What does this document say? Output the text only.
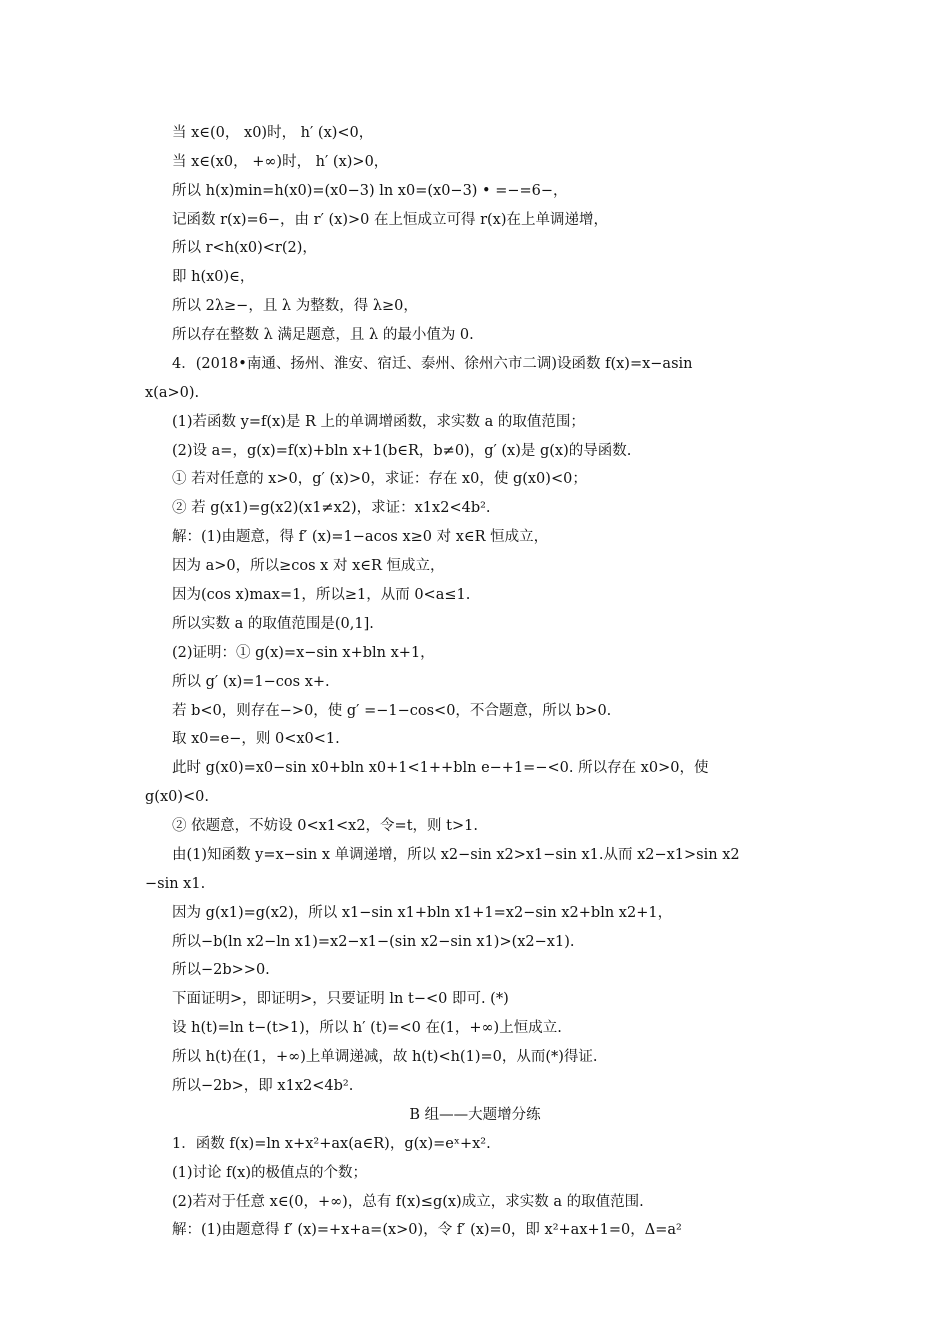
当 x∈(0， x0)时， h′ (x)<0，
当 x∈(x0， +∞)时， h′ (x)>0，
所以 h(x)min=h(x0)=(x0−3) ln x0=(x0−3) • =−=6−，
记函数 r(x)=6−，由 r′ (x)>0 在上恒成立可得 r(x)在上单调递增，
所以 r<h(x0)<r(2)，
即 h(x0)∈，
所以 2λ≥−，且 λ 为整数，得 λ≥0，
所以存在整数 λ 满足题意，且 λ 的最小值为 0.
4．(2018•南通、扬州、淮安、宿迁、泰州、徐州六市二调)设函数 f(x)=x−asin
x(a>0).
(1)若函数 y=f(x)是 R 上的单调增函数，求实数 a 的取值范围；
(2)设 a=，g(x)=f(x)+bln x+1(b∈R，b≠0)，g′ (x)是 g(x)的导函数.
① 若对任意的 x>0，g′ (x)>0，求证：存在 x0，使 g(x0)<0；
② 若 g(x1)=g(x2)(x1≠x2)，求证：x1x2<4b².
解：(1)由题意，得 f′ (x)=1−acos x≥0 对 x∈R 恒成立，
因为 a>0，所以≥cos x 对 x∈R 恒成立，
因为(cos x)max=1，所以≥1，从而 0<a≤1.
所以实数 a 的取值范围是(0,1].
(2)证明：① g(x)=x−sin x+bln x+1，
所以 g′ (x)=1−cos x+.
若 b<0，则存在−>0，使 g′ =−1−cos<0，不合题意，所以 b>0.
取 x0=e−，则 0<x0<1.
此时 g(x0)=x0−sin x0+bln x0+1<1++bln e−+1=−<0. 所以存在 x0>0，使
g(x0)<0.
② 依题意，不妨设 0<x1<x2，令=t，则 t>1.
由(1)知函数 y=x−sin x 单调递增，所以 x2−sin x2>x1−sin x1.从而 x2−x1>sin x2
−sin x1.
因为 g(x1)=g(x2)，所以 x1−sin x1+bln x1+1=x2−sin x2+bln x2+1，
所以−b(ln x2−ln x1)=x2−x1−(sin x2−sin x1)>(x2−x1).
所以−2b>>0.
下面证明>，即证明>，只要证明 ln t−<0 即可. (*)
设 h(t)=ln t−(t>1)，所以 h′ (t)=<0 在(1，+∞)上恒成立.
所以 h(t)在(1，+∞)上单调递减，故 h(t)<h(1)=0，从而(*)得证.
所以−2b>，即 x1x2<4b².
B 组——大题增分练
1．函数 f(x)=ln x+x²+ax(a∈R)，g(x)=eˣ+x².
(1)讨论 f(x)的极值点的个数；
(2)若对于任意 x∈(0，+∞)，总有 f(x)≤g(x)成立，求实数 a 的取值范围.
解：(1)由题意得 f′ (x)=+x+a=(x>0)，令 f′ (x)=0，即 x²+ax+1=0，Δ=a²
